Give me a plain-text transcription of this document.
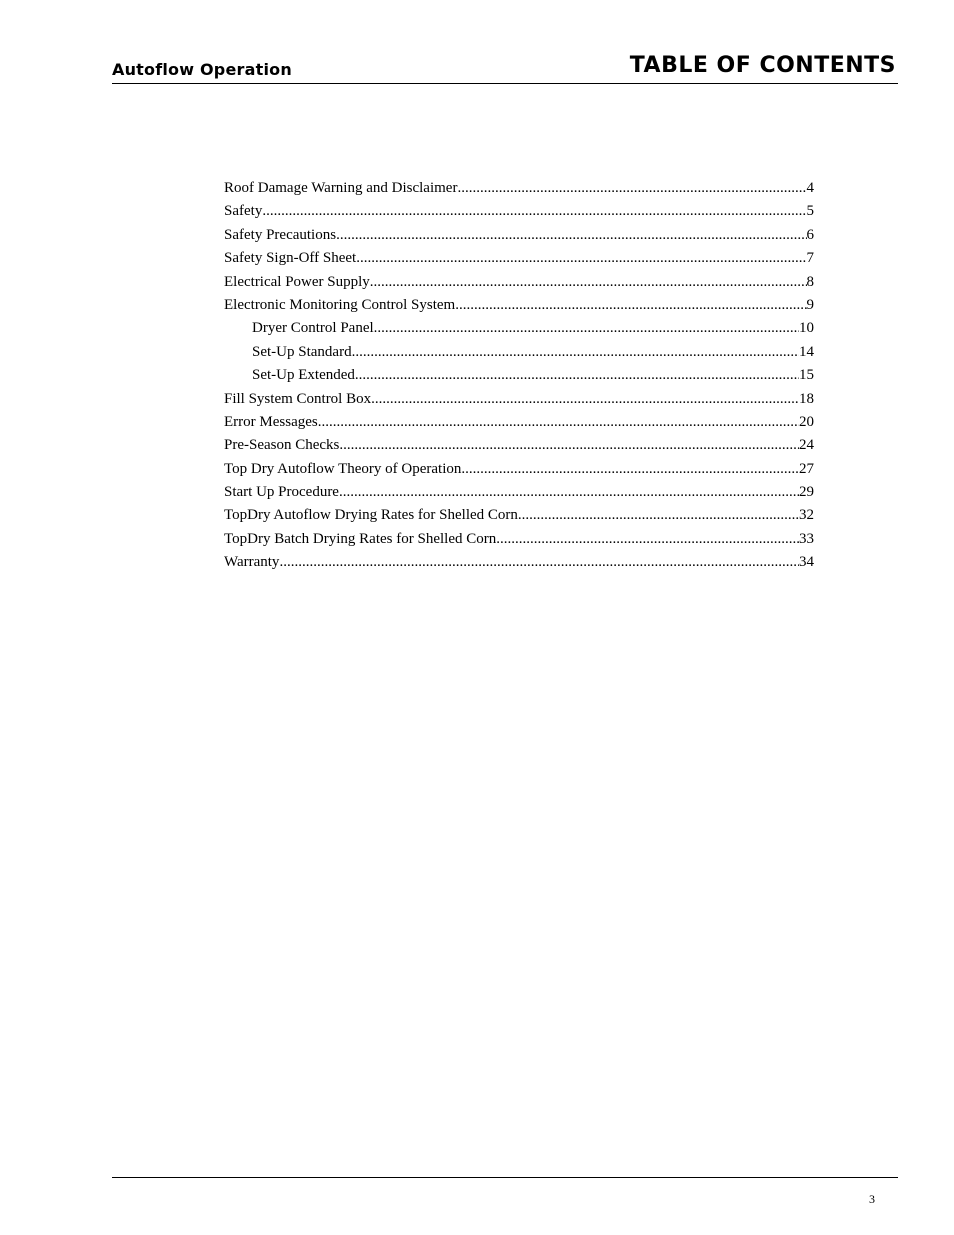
Autoflow Operation	TABLE OF CONTENTS
Roof Damage Warning and Disclaimer .....	4
Safety .....	5
Safety Precautions .....	6
Safety Sign-Off Sheet .....	7
Electrical Power Supply .....	8
Electronic Monitoring Control System .....	9
Dryer Control Panel .....	10
Set-Up Standard .....	14
Set-Up Extended .....	15
Fill System Control Box .....	18
Error Messages .....	20
Pre-Season Checks .....	24
Top Dry Autoflow Theory of Operation .....	27
Start Up Procedure .....	29
TopDry Autoflow Drying Rates for Shelled Corn .....	32
TopDry Batch Drying Rates for Shelled Corn .....	33
Warranty .....	34
3
